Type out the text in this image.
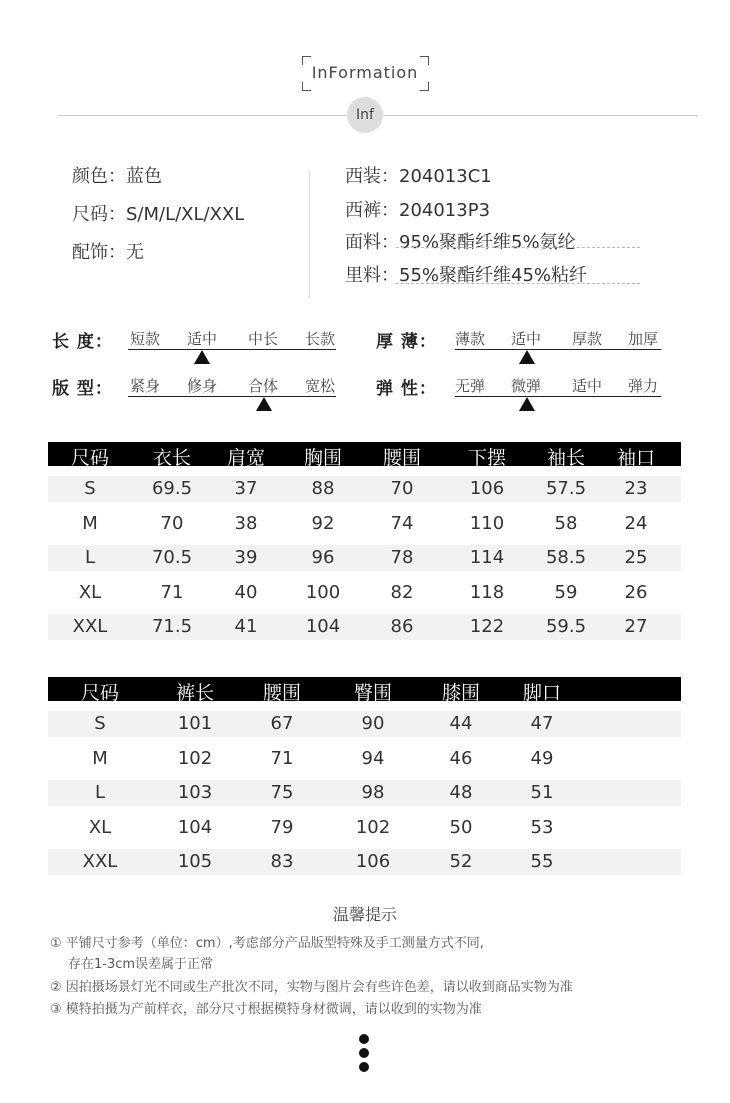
InFormation
Inf
颜色：蓝色
尺码：S/M/L/XL/XXL
配饰：无
西装：204013C1
西裤：204013P3
面料：95%聚酯纤维5%氨纶
里料：55%聚酯纤维45%粘纤
长 度： 短款 适中 中长 长款 厚 薄： 薄款 适中 厚款 加厚
版 型： 紧身 修身 合体 宽松 弹 性： 无弹 微弹 适中 弹力
尺码	衣长	肩宽	胸围	腰围	下摆	袖长	袖口
S	69.5	37	88	70	106	57.5	23
M	70	38	92	74	110	58	24
L	70.5	39	96	78	114	58.5	25
XL	71	40	100	82	118	59	26
XXL	71.5	41	104	86	122	59.5	27
尺码	裤长	腰围	臀围	膝围	脚口
S	101	67	90	44	47
M	102	71	94	46	49
L	103	75	98	48	51
XL	104	79	102	50	53
XXL	105	83	106	52	55
温馨提示
① 平铺尺寸参考（单位：cm）,考虑部分产品版型特殊及手工测量方式不同,
存在1-3cm误差属于正常
② 因拍摄场景灯光不同或生产批次不同，实物与图片会有些许色差，请以收到商品实物为准
③ 模特拍摄为产前样衣，部分尺寸根据模特身材微调，请以收到的实物为准
